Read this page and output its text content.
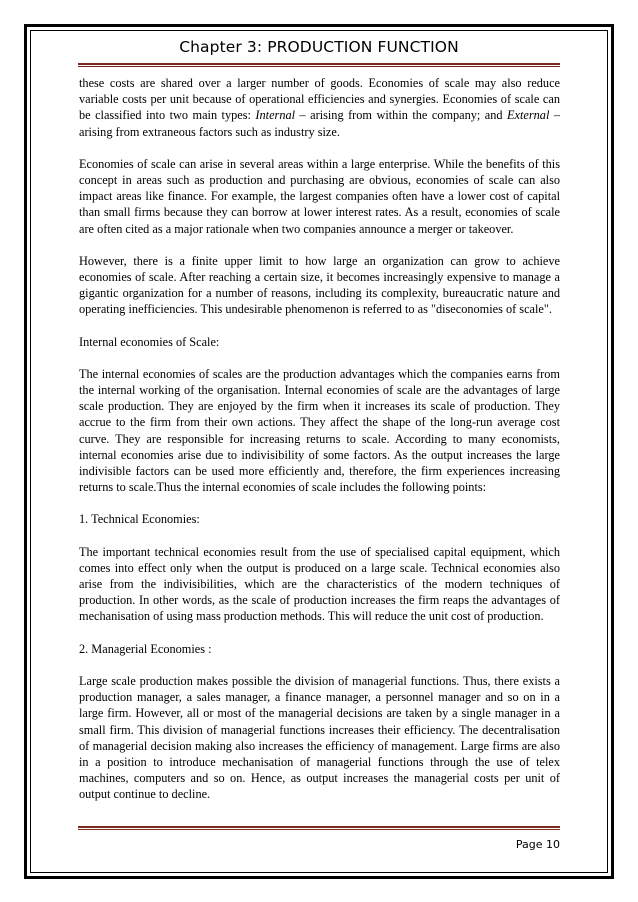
Chapter 3: PRODUCTION FUNCTION

these costs are shared over a larger number of goods. Economies of scale may also reduce variable costs per unit because of operational efficiencies and synergies. Economies of scale can be classified into two main types: Internal – arising from within the company; and External – arising from extraneous factors such as industry size.

Economies of scale can arise in several areas within a large enterprise. While the benefits of this concept in areas such as production and purchasing are obvious, economies of scale can also impact areas like finance. For example, the largest companies often have a lower cost of capital than small firms because they can borrow at lower interest rates. As a result, economies of scale are often cited as a major rationale when two companies announce a merger or takeover.

However, there is a finite upper limit to how large an organization can grow to achieve economies of scale. After reaching a certain size, it becomes increasingly expensive to manage a gigantic organization for a number of reasons, including its complexity, bureaucratic nature and operating inefficiencies. This undesirable phenomenon is referred to as "diseconomies of scale".

Internal economies of Scale:

The internal economies of scales are the production advantages which the companies earns from the internal working of the organisation. Internal economies of scale are the advantages of large scale production. They are enjoyed by the firm when it increases its scale of production. They accrue to the firm from their own actions. They affect the shape of the long-run average cost curve. They are responsible for increasing returns to scale. According to many economists, internal economies arise due to indivisibility of some factors. As the output increases the large indivisible factors can be used more efficiently and, therefore, the firm experiences increasing returns to scale.Thus the internal economies of scale includes the following points:

1. Technical Economies:

The important technical economies result from the use of specialised capital equipment, which comes into effect only when the output is produced on a large scale. Technical economies also arise from the indivisibilities, which are the characteristics of the modern techniques of production. In other words, as the scale of production increases the firm reaps the advantages of mechanisation of using mass production methods. This will reduce the unit cost of production.

2. Managerial Economies :

Large scale production makes possible the division of managerial functions. Thus, there exists a production manager, a sales manager, a finance manager, a personnel manager and so on in a large firm. However, all or most of the managerial decisions are taken by a single manager in a small firm. This division of managerial functions increases their efficiency. The decentralisation of managerial decision making also increases the efficiency of management. Large firms are also in a position to introduce mechanisation of managerial functions through the use of telex machines, computers and so on. Hence, as output increases the managerial costs per unit of output continue to decline.

Page 10
